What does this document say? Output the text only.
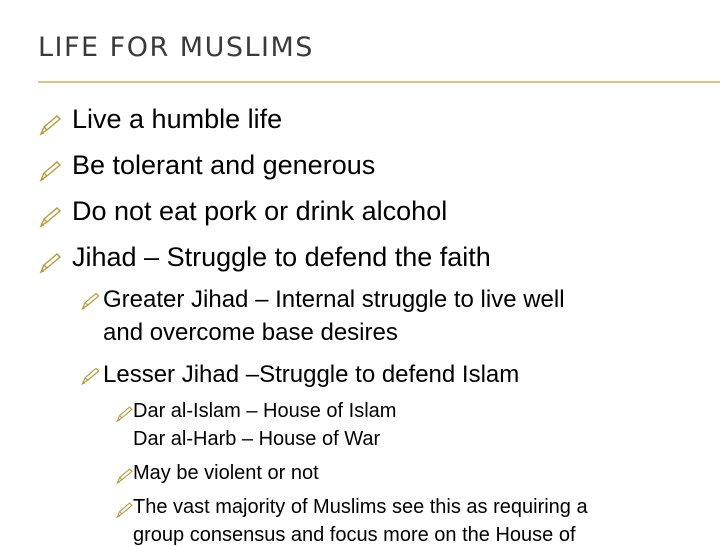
LIFE FOR MUSLIMS
Live a humble life
Be tolerant and generous
Do not eat pork or drink alcohol
Jihad – Struggle to defend the faith
Greater Jihad – Internal struggle to live well
and overcome base desires
Lesser Jihad –Struggle to defend Islam
Dar al-Islam – House of Islam
Dar al-Harb – House of War
May be violent or not
The vast majority of Muslims see this as requiring a
group consensus and focus more on the House of
